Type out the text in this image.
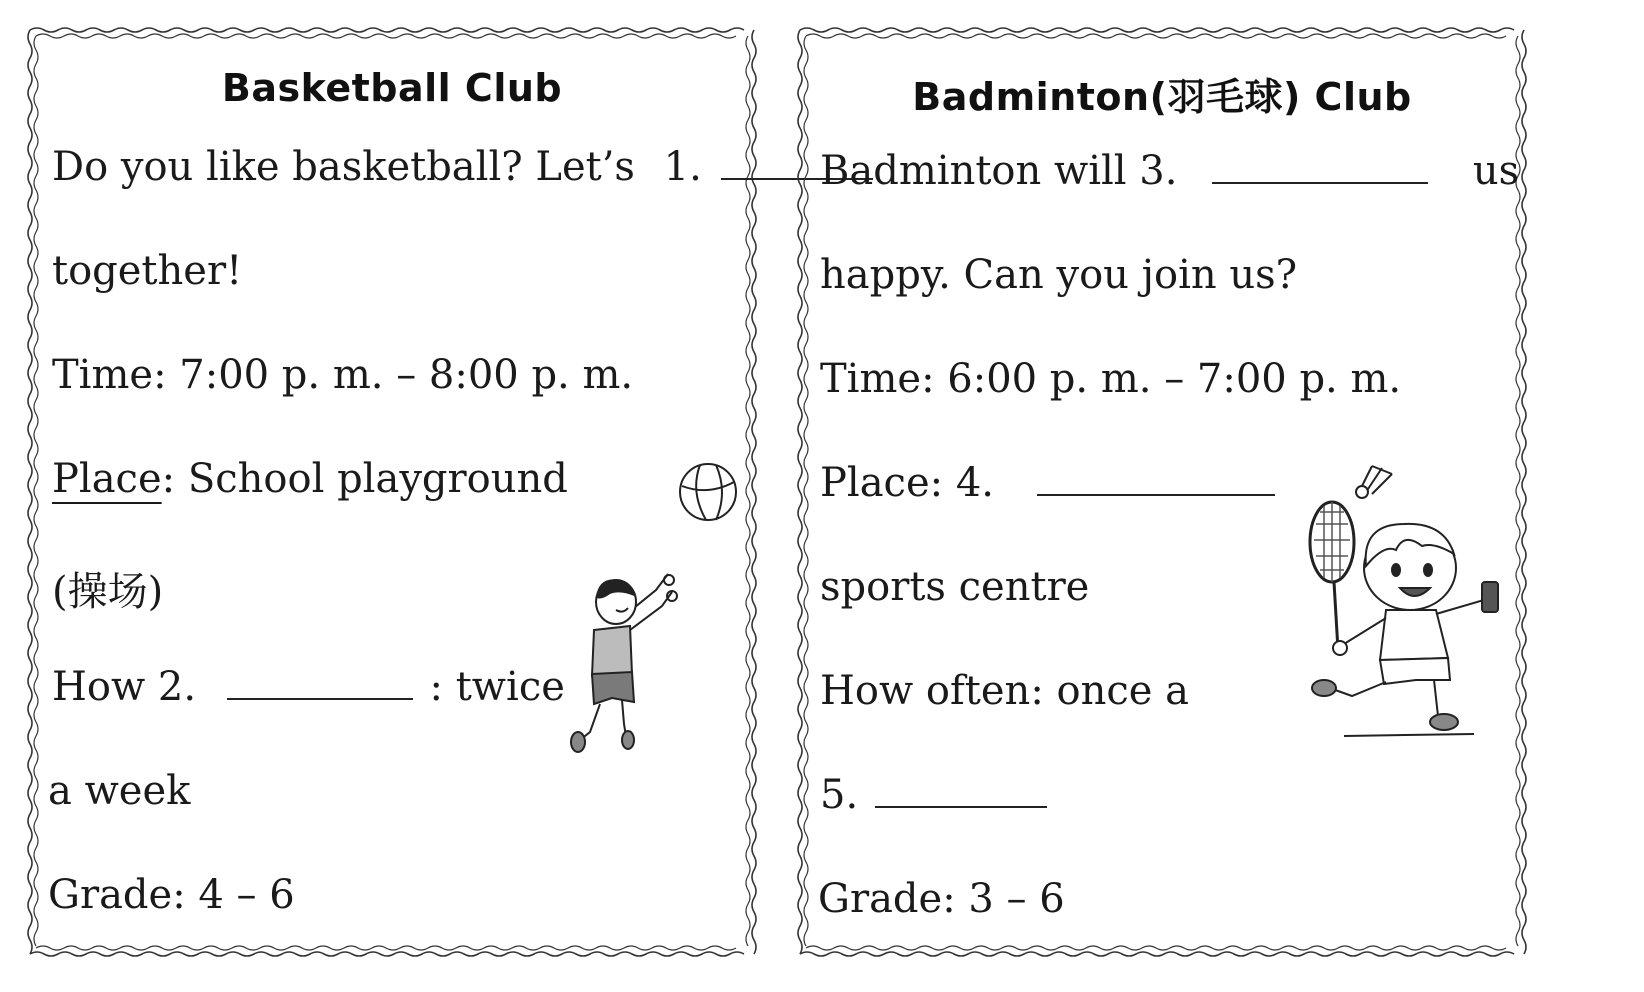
Basketball Club
Do you like basketball? Let’s 1.
together!
Time: 7:00 p. m. – 8:00 p. m.
Place: School playground
(操场)
How 2.	: twice
a week
Grade: 4 – 6
Badminton(羽毛球) Club
Badminton will 3.	us
happy. Can you join us?
Time: 6:00 p. m. – 7:00 p. m.
Place: 4.
sports centre
How often: once a
5.
Grade: 3 – 6
